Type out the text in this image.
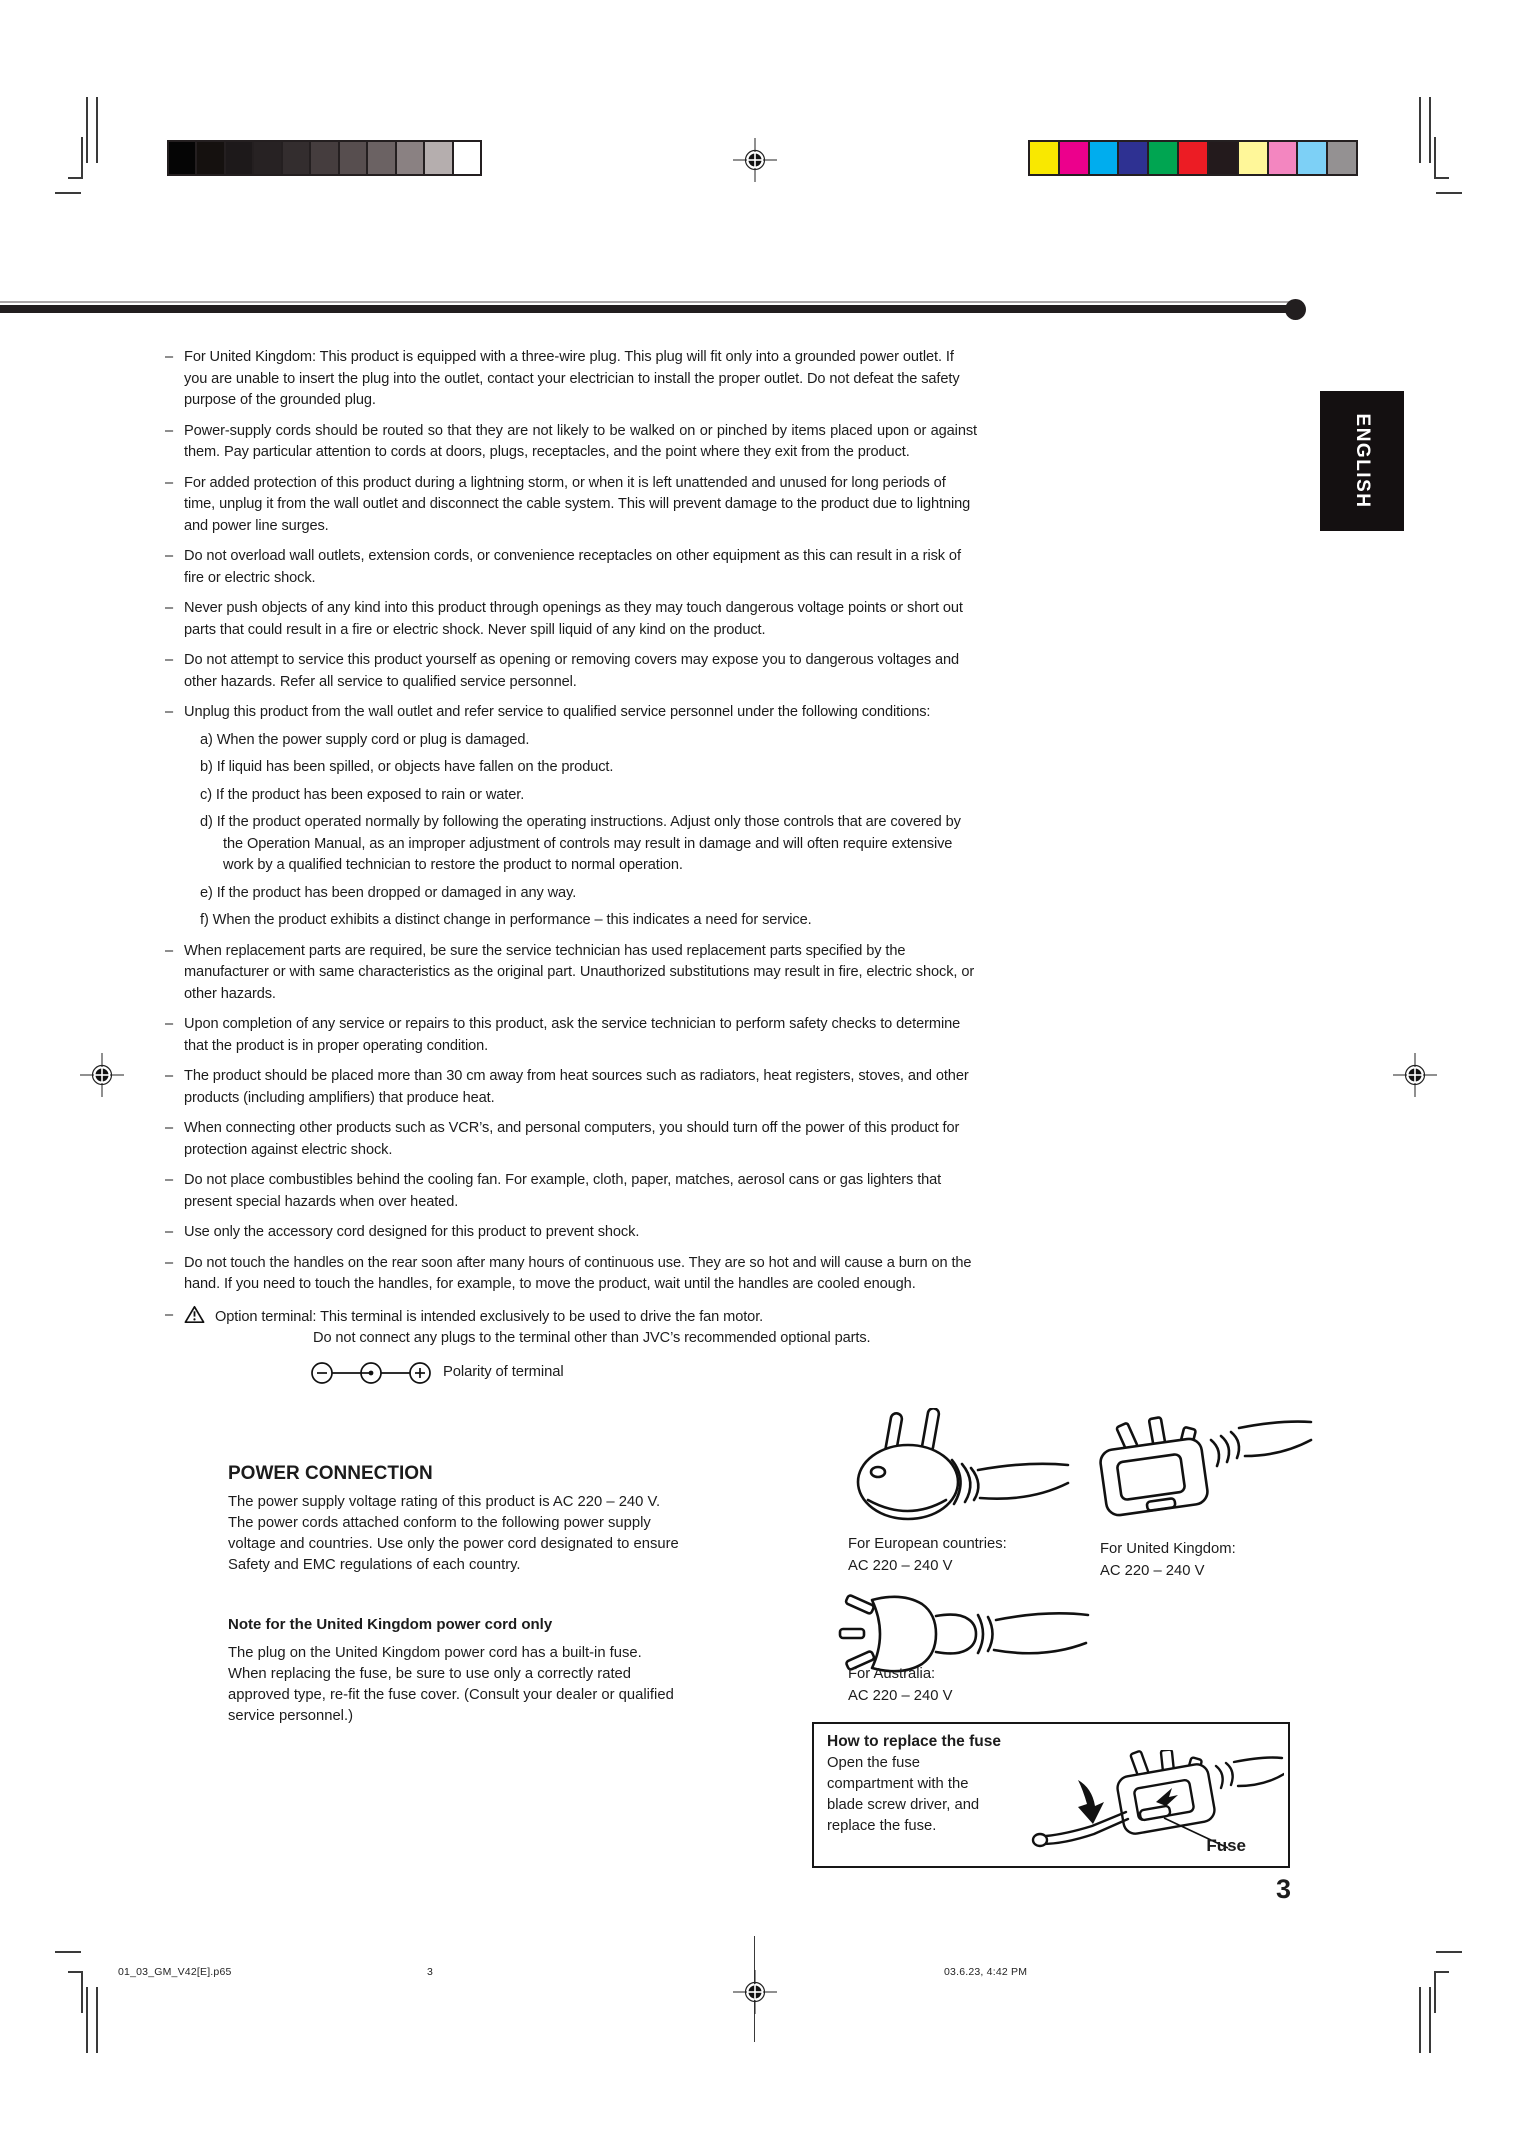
ENGLISH
– For United Kingdom: This product is equipped with a three-wire plug. This plug will fit only into a grounded power outlet. If you are unable to insert the plug into the outlet, contact your electrician to install the proper outlet. Do not defeat the safety purpose of the grounded plug.
– Power-supply cords should be routed so that they are not likely to be walked on or pinched by items placed upon or against them. Pay particular attention to cords at doors, plugs, receptacles, and the point where they exit from the product.
– For added protection of this product during a lightning storm, or when it is left unattended and unused for long periods of time, unplug it from the wall outlet and disconnect the cable system. This will prevent damage to the product due to lightning and power line surges.
– Do not overload wall outlets, extension cords, or convenience receptacles on other equipment as this can result in a risk of fire or electric shock.
– Never push objects of any kind into this product through openings as they may touch dangerous voltage points or short out parts that could result in a fire or electric shock. Never spill liquid of any kind on the product.
– Do not attempt to service this product yourself as opening or removing covers may expose you to dangerous voltages and other hazards. Refer all service to qualified service personnel.
– Unplug this product from the wall outlet and refer service to qualified service personnel under the following conditions:
a) When the power supply cord or plug is damaged.
b) If liquid has been spilled, or objects have fallen on the product.
c) If the product has been exposed to rain or water.
d) If the product operated normally by following the operating instructions. Adjust only those controls that are covered by the Operation Manual, as an improper adjustment of controls may result in damage and will often require extensive work by a qualified technician to restore the product to normal operation.
e) If the product has been dropped or damaged in any way.
f) When the product exhibits a distinct change in performance – this indicates a need for service.
– When replacement parts are required, be sure the service technician has used replacement parts specified by the manufacturer or with same characteristics as the original part. Unauthorized substitutions may result in fire, electric shock, or other hazards.
– Upon completion of any service or repairs to this product, ask the service technician to perform safety checks to determine that the product is in proper operating condition.
– The product should be placed more than 30 cm away from heat sources such as radiators, heat registers, stoves, and other products (including amplifiers) that produce heat.
– When connecting other products such as VCR’s, and personal computers, you should turn off the power of this product for protection against electric shock.
– Do not place combustibles behind the cooling fan. For example, cloth, paper, matches, aerosol cans or gas lighters that present special hazards when over heated.
– Use only the accessory cord designed for this product to prevent shock.
– Do not touch the handles on the rear soon after many hours of continuous use. They are so hot and will cause a burn on the hand. If you need to touch the handles, for example, to move the product, wait until the handles are cooled enough.
–	Option terminal: This terminal is intended exclusively to be used to drive the fan motor.
Do not connect any plugs to the terminal other than JVC’s recommended optional parts.
Polarity of terminal
POWER CONNECTION
The power supply voltage rating of this product is AC 220 – 240 V.
The power cords attached conform to the following power supply
voltage and countries. Use only the power cord designated to ensure
Safety and EMC regulations of each country.
Note for the United Kingdom power cord only
The plug on the United Kingdom power cord has a built-in fuse.
When replacing the fuse, be sure to use only a correctly rated
approved type, re-fit the fuse cover. (Consult your dealer or qualified
service personnel.)
For European countries:
AC 220 – 240 V
For United Kingdom:
AC 220 – 240 V
For Australia:
AC 220 – 240 V
How to replace the fuse
Open the fuse
compartment with the
blade screw driver, and
replace the fuse.
Fuse
3
01_03_GM_V42[E].p65	3	03.6.23, 4:42 PM
